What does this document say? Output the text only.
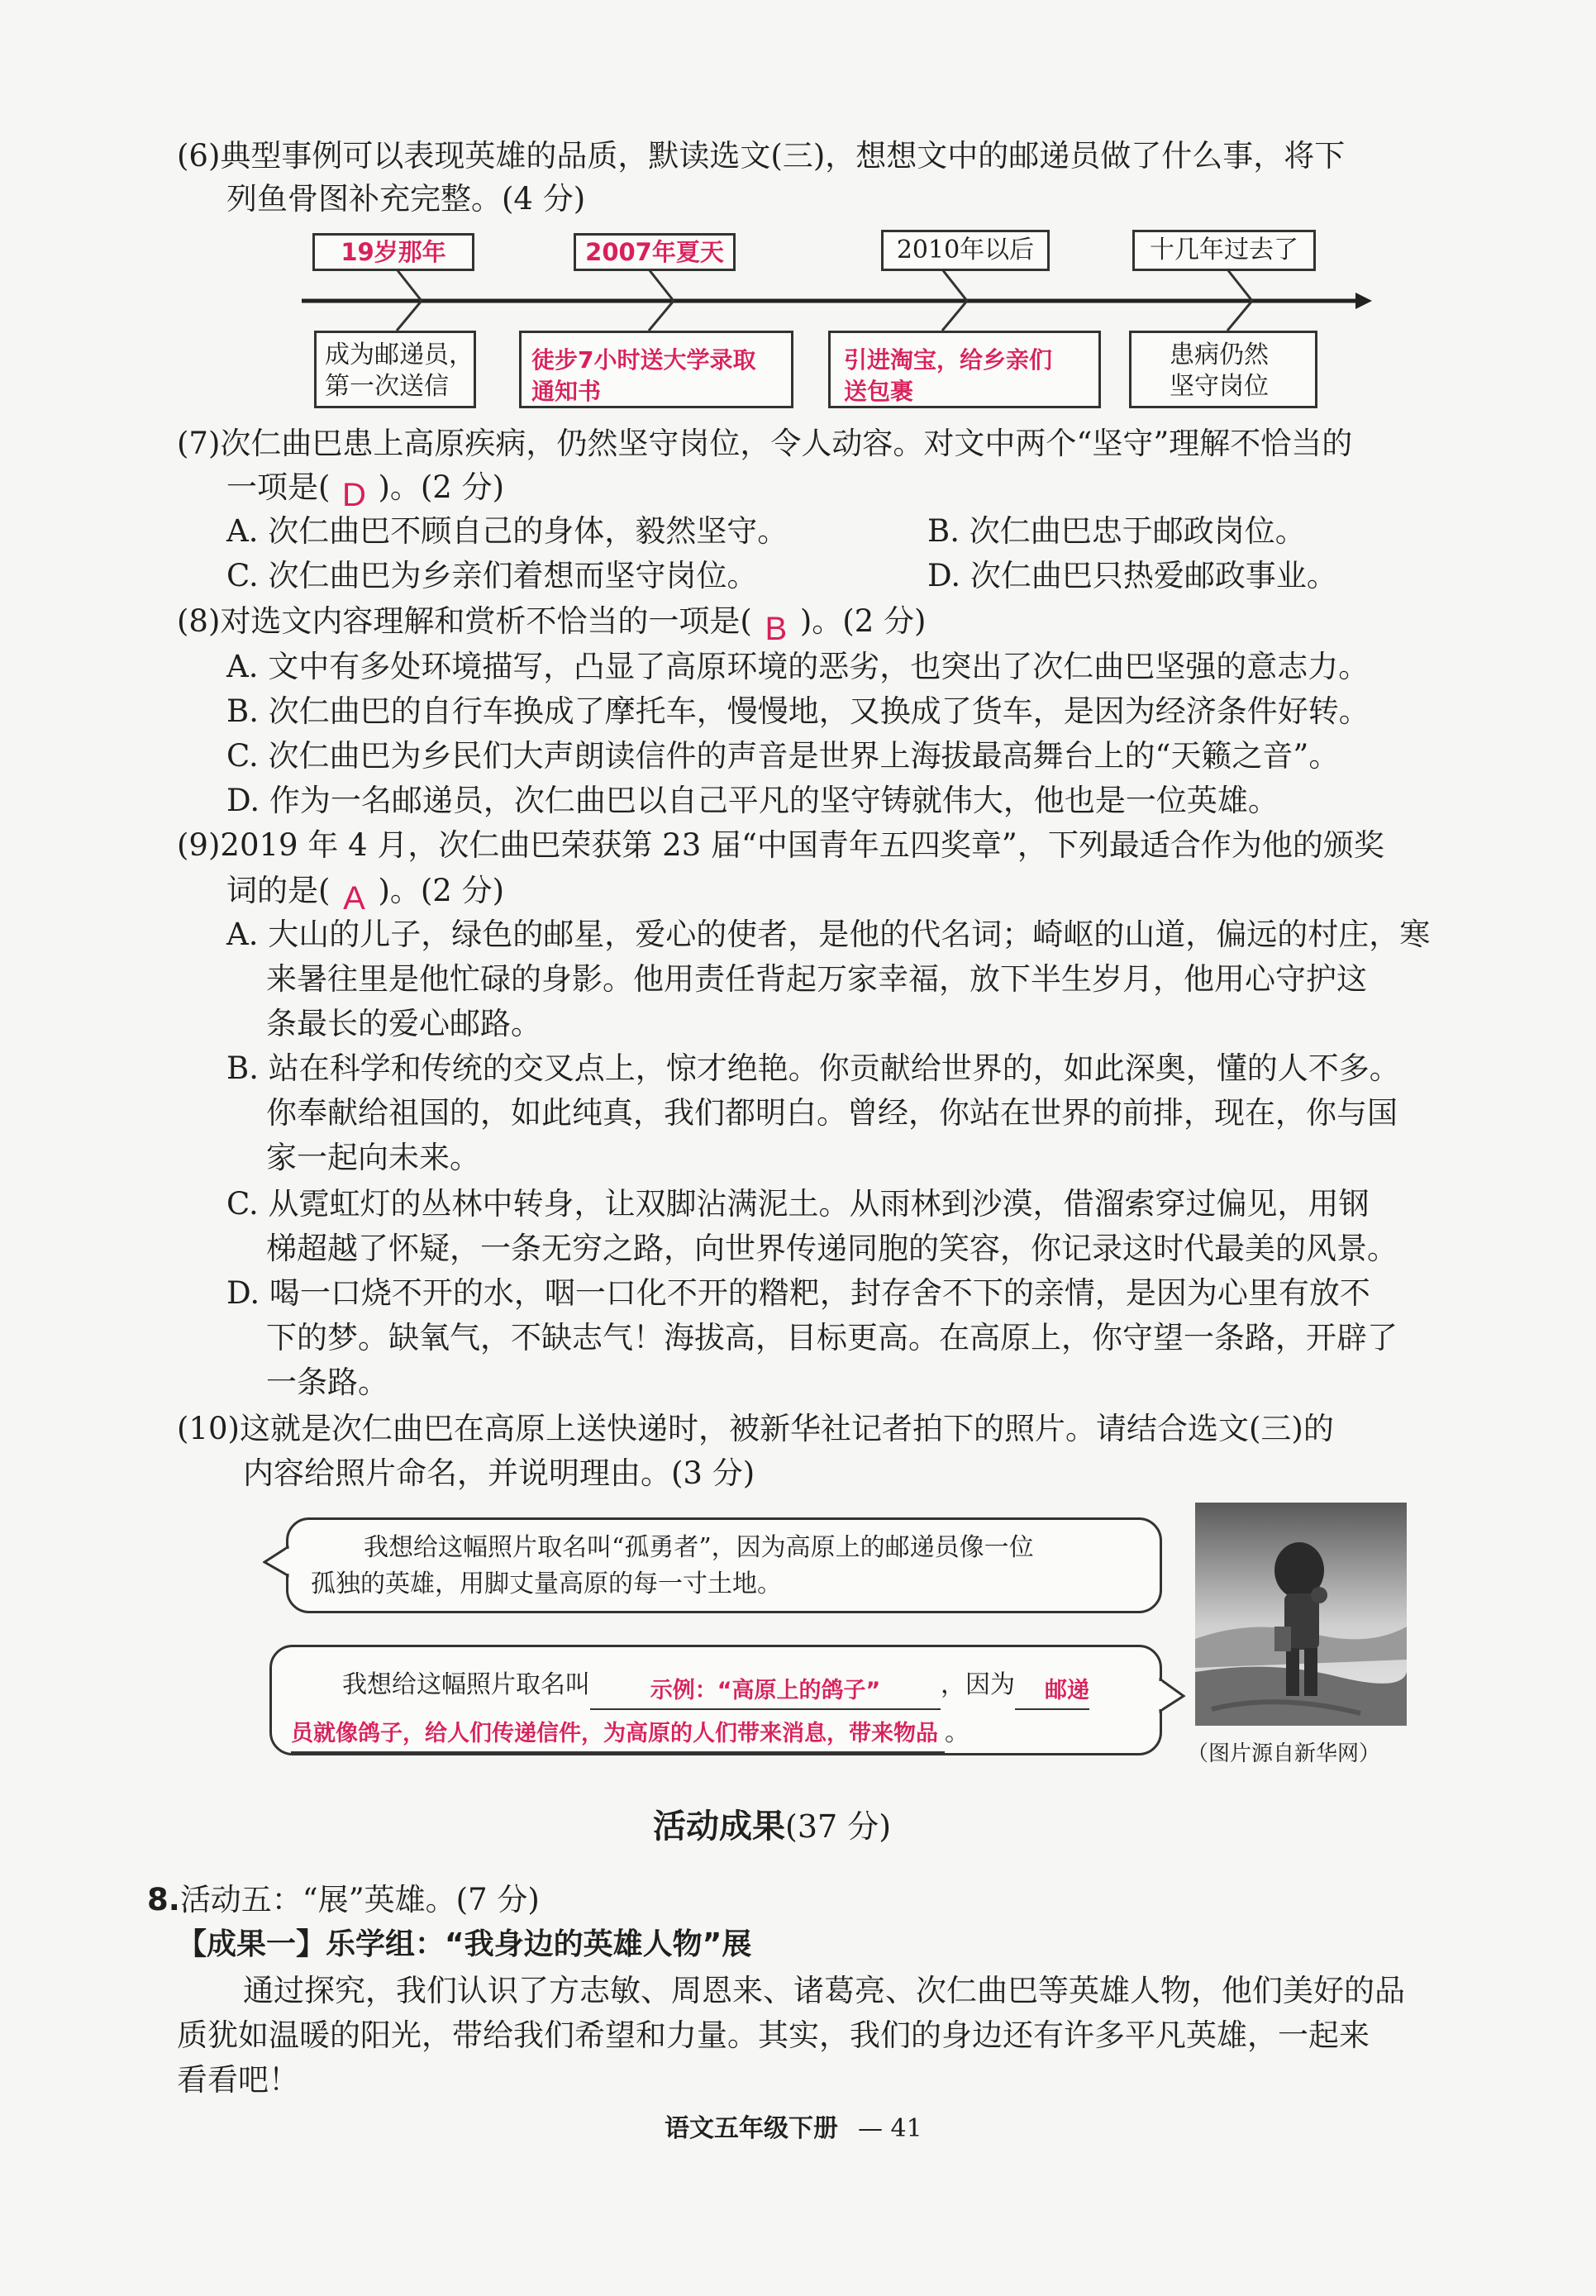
(6)典型事例可以表现英雄的品质，默读选文(三)，想想文中的邮递员做了什么事，将下
列鱼骨图补充完整。(4 分)
19岁那年	2007年夏天	2010年以后	十几年过去了
成为邮递员，
第一次送信
徒步7小时送大学录取
通知书
引进淘宝，给乡亲们
送包裹
患病仍然
坚守岗位
(7)次仁曲巴患上高原疾病，仍然坚守岗位，令人动容。对文中两个“坚守”理解不恰当的
一项是( D )。(2 分)
A. 次仁曲巴不顾自己的身体，毅然坚守。	B. 次仁曲巴忠于邮政岗位。
C. 次仁曲巴为乡亲们着想而坚守岗位。	D. 次仁曲巴只热爱邮政事业。
(8)对选文内容理解和赏析不恰当的一项是( B )。(2 分)
A. 文中有多处环境描写，凸显了高原环境的恶劣，也突出了次仁曲巴坚强的意志力。
B. 次仁曲巴的自行车换成了摩托车，慢慢地，又换成了货车，是因为经济条件好转。
C. 次仁曲巴为乡民们大声朗读信件的声音是世界上海拔最高舞台上的“天籁之音”。
D. 作为一名邮递员，次仁曲巴以自己平凡的坚守铸就伟大，他也是一位英雄。
(9)2019 年 4 月，次仁曲巴荣获第 23 届“中国青年五四奖章”，下列最适合作为他的颁奖
词的是( A )。(2 分)
A. 大山的儿子，绿色的邮星，爱心的使者，是他的代名词；崎岖的山道，偏远的村庄，寒
来暑往里是他忙碌的身影。他用责任背起万家幸福，放下半生岁月，他用心守护这
条最长的爱心邮路。
B. 站在科学和传统的交叉点上，惊才绝艳。你贡献给世界的，如此深奥，懂的人不多。
你奉献给祖国的，如此纯真，我们都明白。曾经，你站在世界的前排，现在，你与国
家一起向未来。
C. 从霓虹灯的丛林中转身，让双脚沾满泥土。从雨林到沙漠，借溜索穿过偏见，用钢
梯超越了怀疑，一条无穷之路，向世界传递同胞的笑容，你记录这时代最美的风景。
D. 喝一口烧不开的水，咽一口化不开的糌粑，封存舍不下的亲情，是因为心里有放不
下的梦。缺氧气，不缺志气！海拔高，目标更高。在高原上，你守望一条路，开辟了
一条路。
(10)这就是次仁曲巴在高原上送快递时，被新华社记者拍下的照片。请结合选文(三)的
内容给照片命名，并说明理由。(3 分)
我想给这幅照片取名叫“孤勇者”，因为高原上的邮递员像一位
孤独的英雄，用脚丈量高原的每一寸土地。
我想给这幅照片取名叫	示例：“高原上的鸽子” ，因为 邮递
员就像鸽子，给人们传递信件，为高原的人们带来消息，带来物品 。
（图片源自新华网）
活动成果(37 分)
8.活动五：“展”英雄。(7 分)
【成果一】乐学组：“我身边的英雄人物”展
通过探究，我们认识了方志敏、周恩来、诸葛亮、次仁曲巴等英雄人物，他们美好的品
质犹如温暖的阳光，带给我们希望和力量。其实，我们的身边还有许多平凡英雄，一起来
看看吧！
语文五年级下册 — 41
